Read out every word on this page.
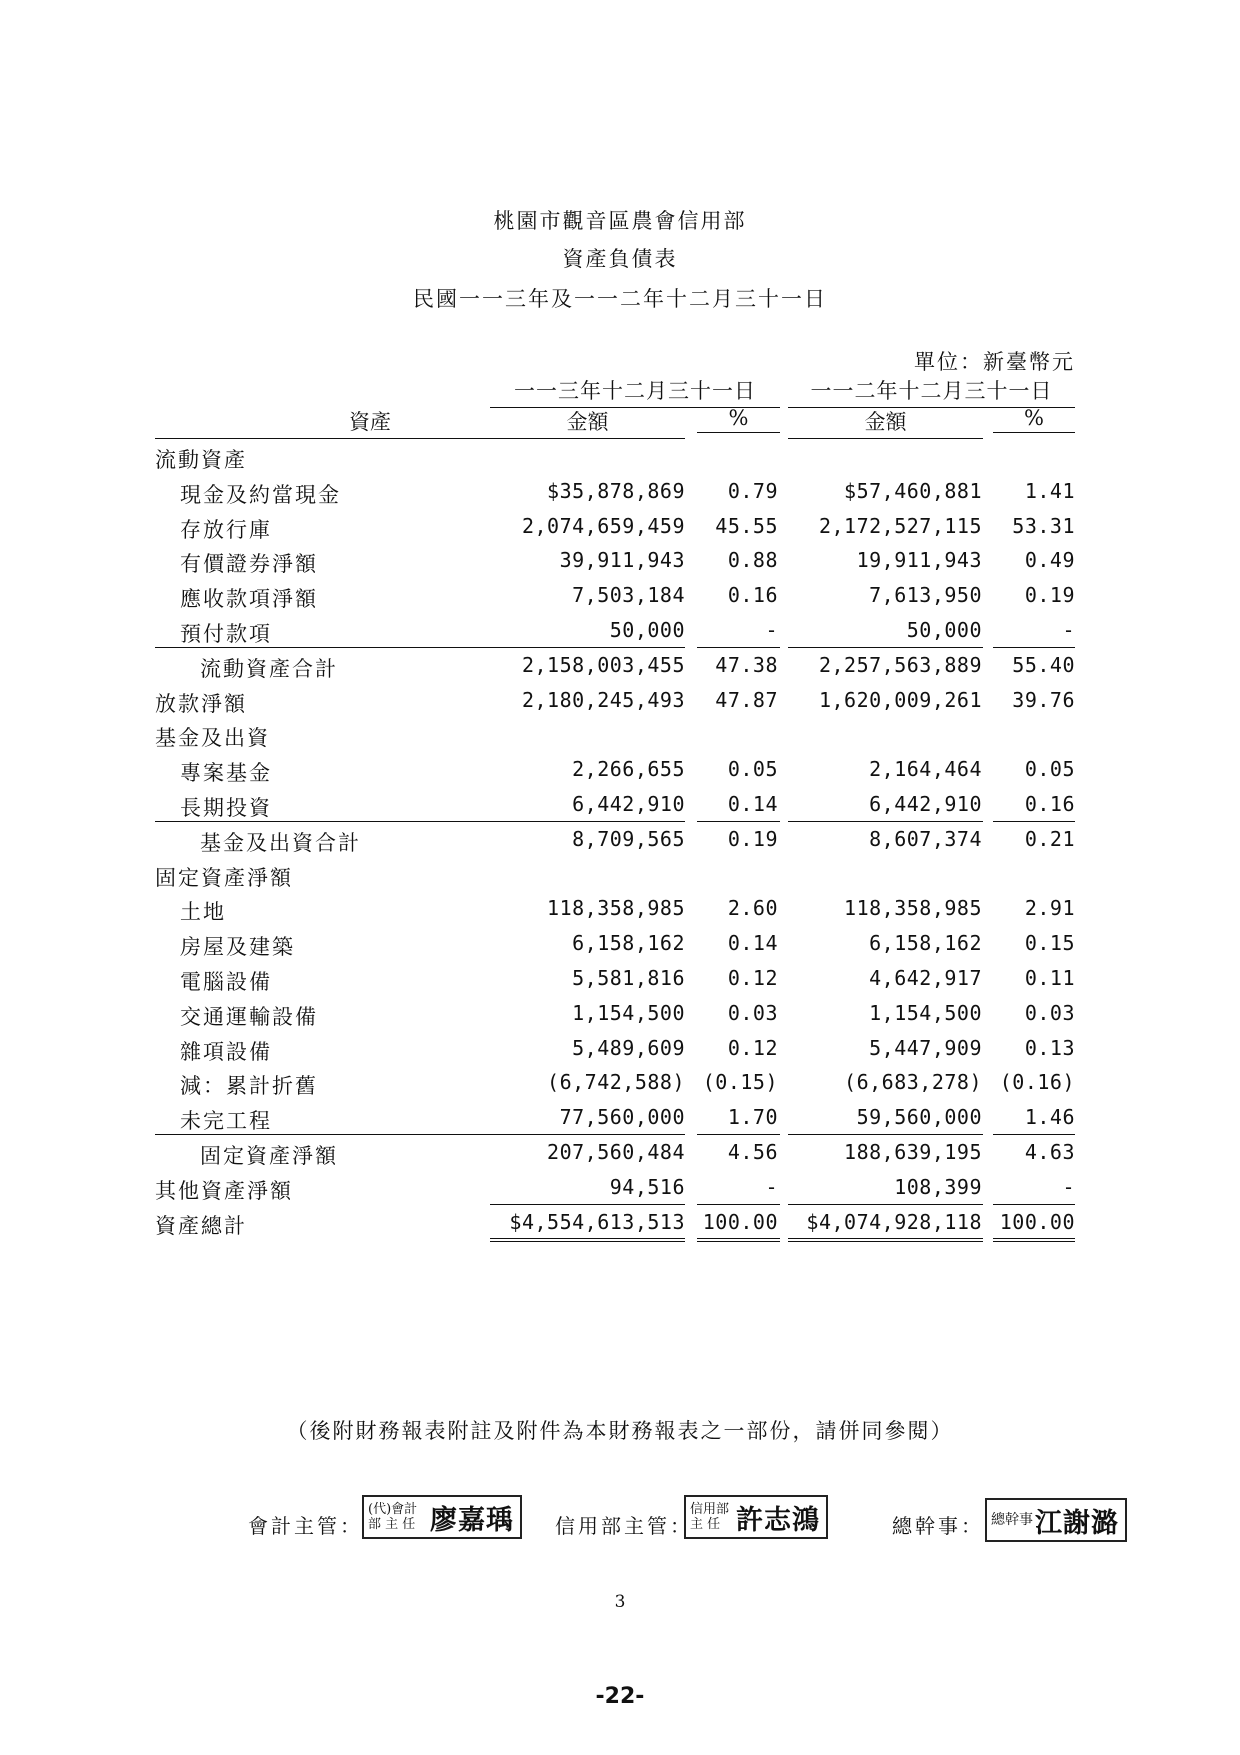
桃園市觀音區農會信用部
資產負債表
民國一一三年及一一二年十二月三十一日
單位：新臺幣元
一一三年十二月三十一日	一一二年十二月三十一日
資產	金額	%	金額	%
流動資產
現金及約當現金	$35,878,869 0.79	$57,460,881 1.41
存放行庫	2,074,659,459 45.55 2,172,527,115 53.31
有價證券淨額	39,911,943 0.88	19,911,943 0.49
應收款項淨額	7,503,184 0.16	7,613,950 0.19
預付款項	50,000	-	50,000	-
流動資產合計	2,158,003,455 47.38 2,257,563,889 55.40
放款淨額	2,180,245,493 47.87 1,620,009,261 39.76
基金及出資
專案基金	2,266,655 0.05	2,164,464 0.05
長期投資	6,442,910 0.14	6,442,910 0.16
基金及出資合計	8,709,565 0.19	8,607,374 0.21
固定資產淨額
土地	118,358,985 2.60	118,358,985 2.91
房屋及建築	6,158,162 0.14	6,158,162 0.15
電腦設備	5,581,816 0.12	4,642,917 0.11
交通運輸設備	1,154,500 0.03	1,154,500 0.03
雜項設備	5,489,609 0.12	5,447,909 0.13
減：累計折舊	(6,742,588) (0.15)	(6,683,278) (0.16)
未完工程	77,560,000 1.70	59,560,000 1.46
固定資產淨額	207,560,484 4.56	188,639,195 4.63
其他資產淨額	94,516	-	108,399	-
資產總計	$4,554,613,513 100.00 $4,074,928,118 100.00
（後附財務報表附註及附件為本財務報表之一部份，請併同參閱）
會計主管：
(代)會計部 主 任 廖嘉瑀 信用部主管：
信用部 主 任 許志鴻	總幹事： 總幹事 江謝潞
3
-22-
